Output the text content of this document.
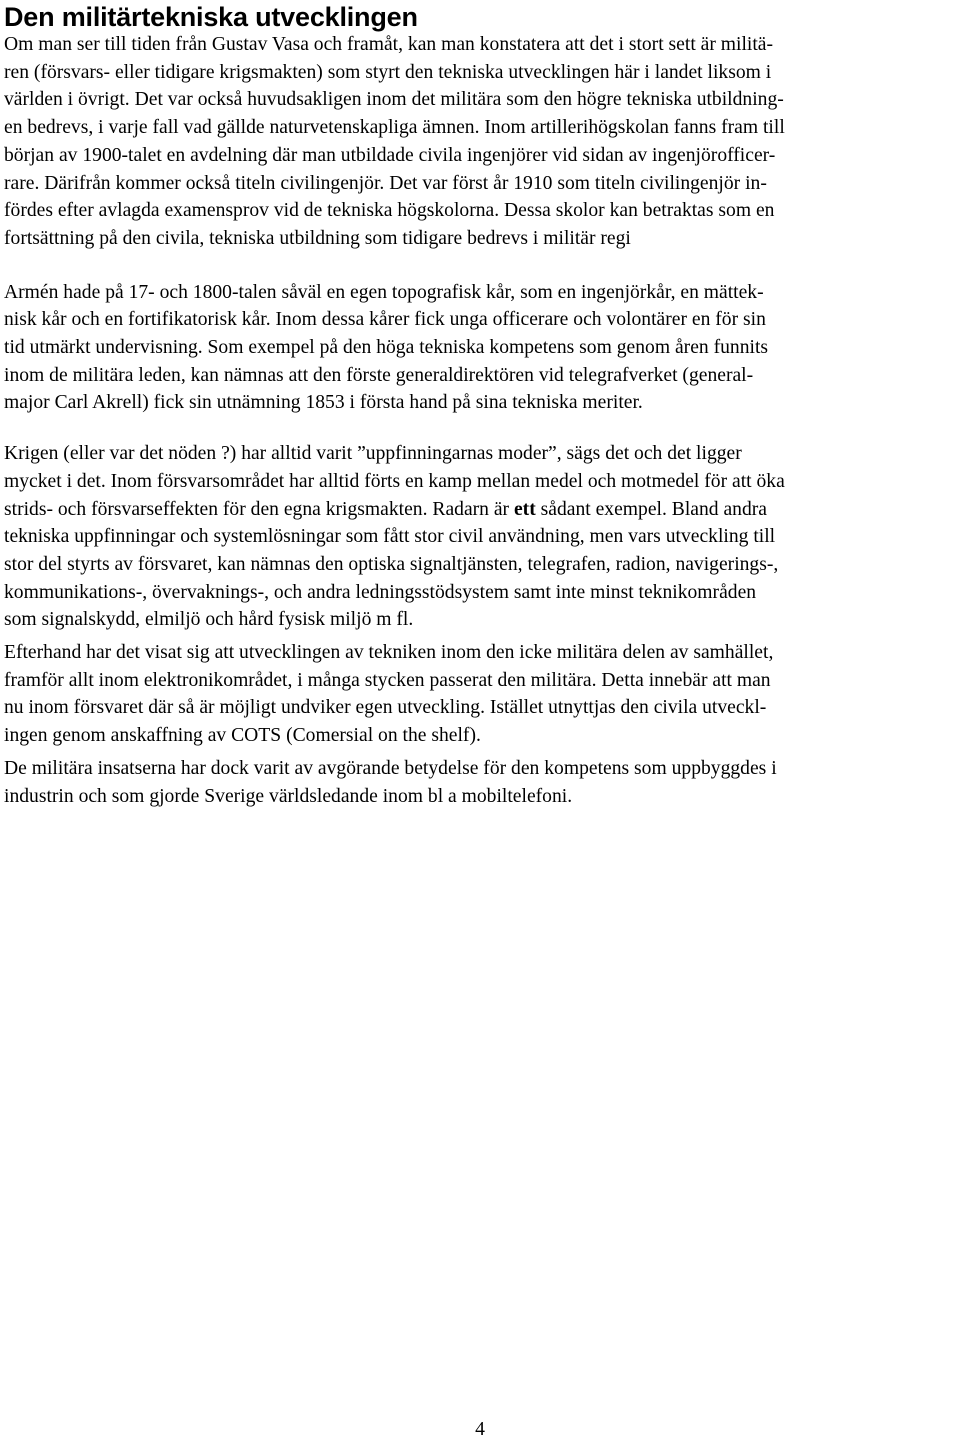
Den militärtekniska utvecklingen

Om man ser till tiden från Gustav Vasa och framåt, kan man konstatera att det i stort sett är militä-
ren (försvars- eller tidigare krigsmakten) som styrt den tekniska utvecklingen här i landet liksom i
världen i övrigt. Det var också huvudsakligen inom det militära som den högre tekniska utbildning-
en bedrevs, i varje fall vad gällde naturvetenskapliga ämnen. Inom artillerihögskolan fanns fram till
början av 1900-talet en avdelning där man utbildade civila ingenjörer vid sidan av ingenjörofficer-
rare. Därifrån kommer också titeln civilingenjör. Det var först år 1910 som titeln civilingenjör in-
fördes efter avlagda examensprov vid de tekniska högskolorna. Dessa skolor kan betraktas som en
fortsättning på den civila, tekniska utbildning som tidigare bedrevs i militär regi

Armén hade på 17- och 1800-talen såväl en egen topografisk kår, som en ingenjörkår, en mättek-
nisk kår och en fortifikatorisk kår. Inom dessa kårer fick unga officerare och volontärer en för sin
tid utmärkt undervisning. Som exempel på den höga tekniska kompetens som genom åren funnits
inom de militära leden, kan nämnas att den förste generaldirektören vid telegrafverket (general-
major Carl Akrell) fick sin utnämning 1853 i första hand på sina tekniska meriter.

Krigen (eller var det nöden ?) har alltid varit ”uppfinningarnas moder”, sägs det och det ligger
mycket i det. Inom försvarsområdet har alltid förts en kamp mellan medel och motmedel för att öka
strids- och försvarseffekten för den egna krigsmakten. Radarn är ett sådant exempel. Bland andra
tekniska uppfinningar och systemlösningar som fått stor civil användning, men vars utveckling till
stor del styrts av försvaret, kan nämnas den optiska signaltjänsten, telegrafen, radion, navigerings-,
kommunikations-, övervaknings-, och andra ledningsstödsystem samt inte minst teknikområden
som signalskydd, elmiljö och hård fysisk miljö m fl.

Efterhand har det visat sig att utvecklingen av tekniken inom den icke militära delen av samhället,
framför allt inom elektronikområdet, i många stycken passerat den militära. Detta innebär att man
nu inom försvaret där så är möjligt undviker egen utveckling. Istället utnyttjas den civila utveckl-
ingen genom anskaffning av COTS (Comersial on the shelf).

De militära insatserna har dock varit av avgörande betydelse för den kompetens som uppbyggdes i
industrin och som gjorde Sverige världsledande inom bl a mobiltelefoni.

4
